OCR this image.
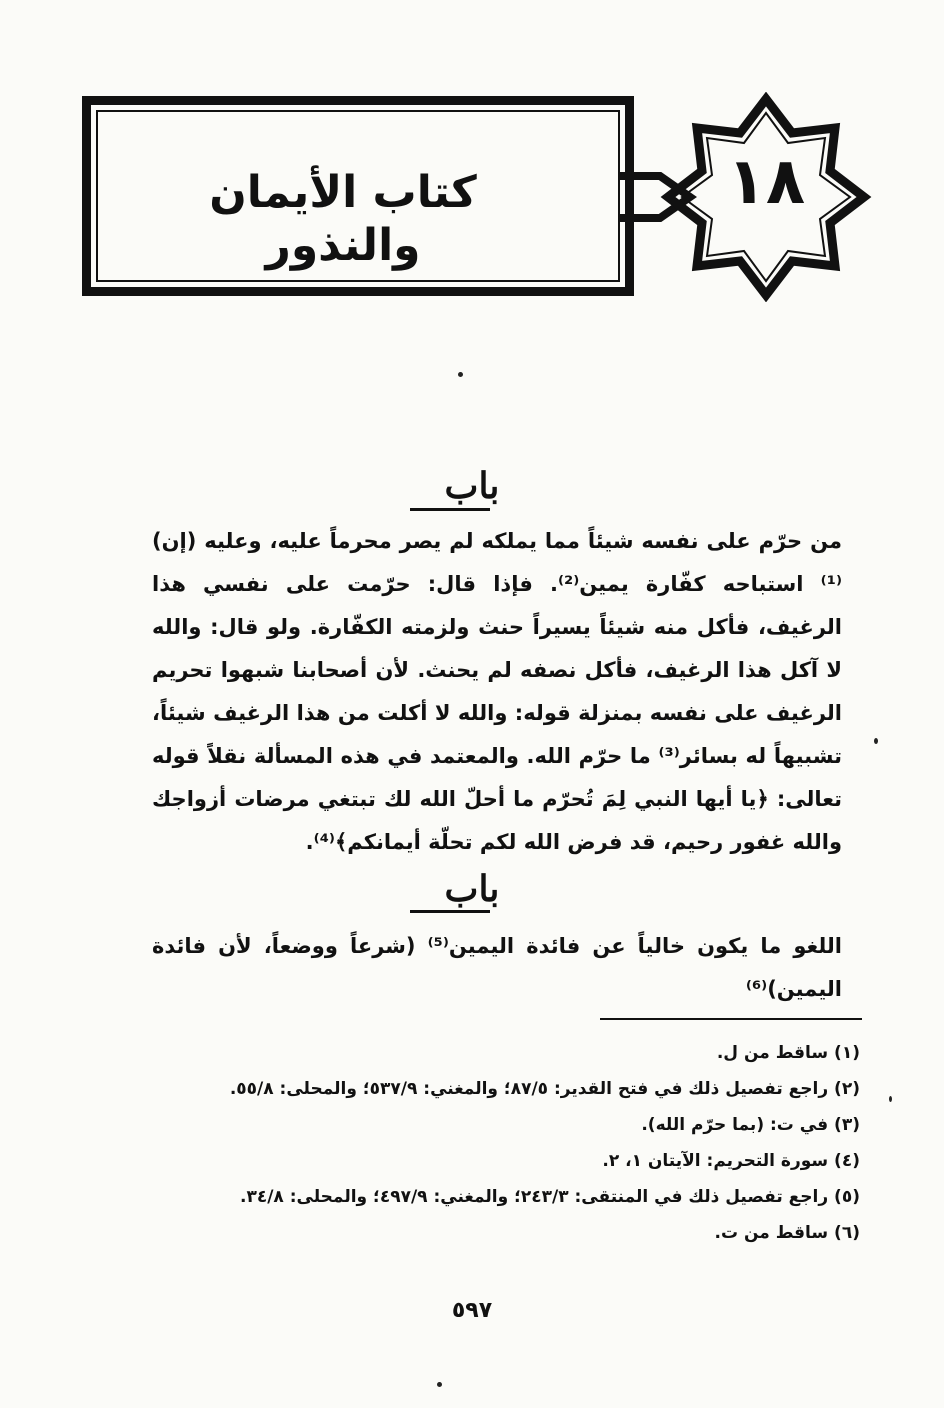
كتاب الأيمان والنذور
١٨
باب
من حرّم على نفسه شيئاً مما يملكه لم يصر محرماً عليه، وعليه (إن)⁽¹⁾ استباحه كفّارة يمين⁽²⁾. فإذا قال: حرّمت على نفسي هذا الرغيف، فأكل منه شيئاً يسيراً حنث ولزمته الكفّارة. ولو قال: والله لا آكل هذا الرغيف، فأكل نصفه لم يحنث. لأن أصحابنا شبهوا تحريم الرغيف على نفسه بمنزلة قوله: والله لا أكلت من هذا الرغيف شيئاً، تشبيهاً له بسائر⁽³⁾ ما حرّم الله. والمعتمد في هذه المسألة نقلاً قوله تعالى: ﴿يا أيها النبي لِمَ تُحرّم ما أحلّ الله لك تبتغي مرضات أزواجك والله غفور رحيم، قد فرض الله لكم تحلّة أيمانكم﴾⁽⁴⁾.
باب
اللغو ما يكون خالياً عن فائدة اليمين⁽⁵⁾ (شرعاً ووضعاً، لأن فائدة اليمين)⁽⁶⁾
(١) ساقط من ل.
(٢) راجع تفصيل ذلك في فتح القدير: ٨٧/٥؛ والمغني: ٥٣٧/٩؛ والمحلى: ٥٥/٨.
(٣) في ت: (بما حرّم الله).
(٤) سورة التحريم: الآيتان ١، ٢.
(٥) راجع تفصيل ذلك في المنتقى: ٢٤٣/٣؛ والمغني: ٤٩٧/٩؛ والمحلى: ٣٤/٨.
(٦) ساقط من ت.
٥٩٧
